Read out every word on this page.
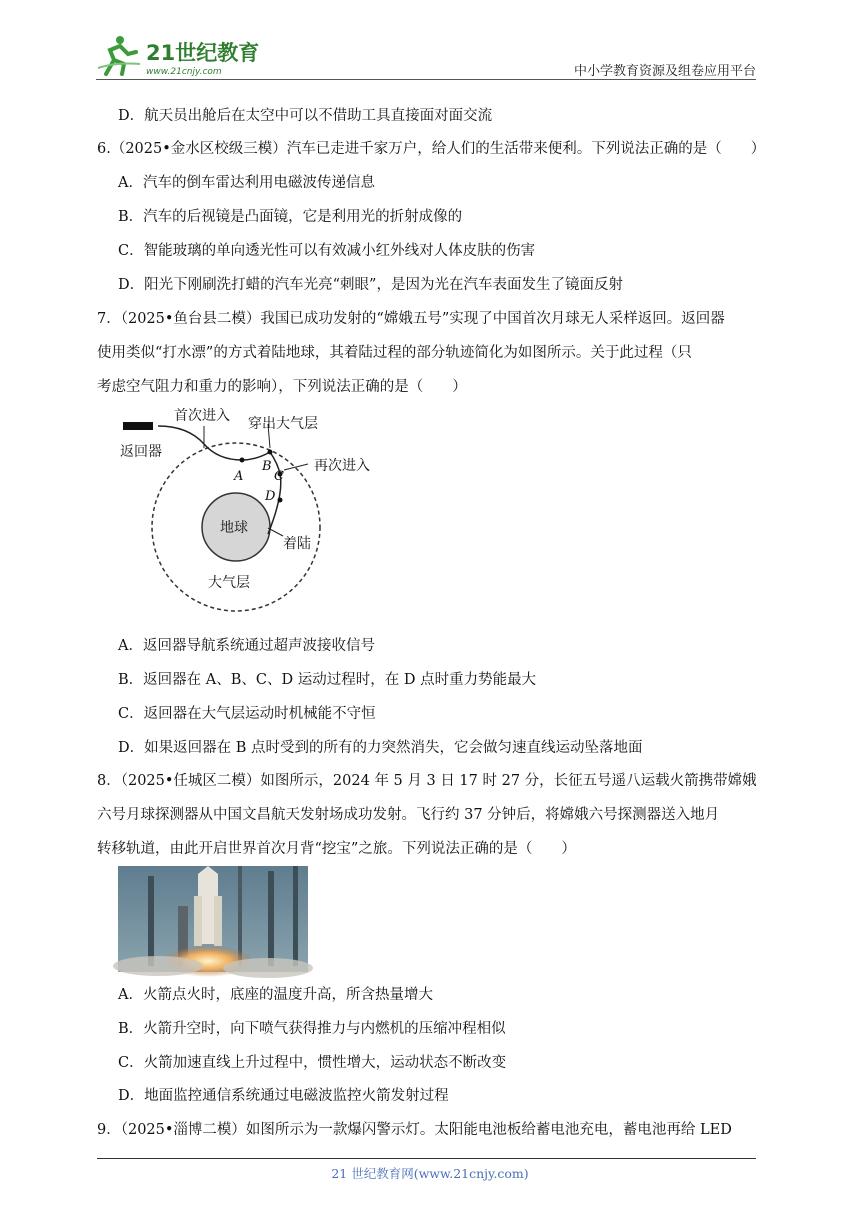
21世纪教育
www.21cnjy.com	中小学教育资源及组卷应用平台
D．航天员出舱后在太空中可以不借助工具直接面对面交流
6.（2025•金水区校级三模）汽车已走进千家万户，给人们的生活带来便利。下列说法正确的是（　　）
A．汽车的倒车雷达利用电磁波传递信息
B．汽车的后视镜是凸面镜，它是利用光的折射成像的
C．智能玻璃的单向透光性可以有效减小红外线对人体皮肤的伤害
D．阳光下刚刷洗打蜡的汽车光亮“刺眼”，是因为光在汽车表面发生了镜面反射
7．（2025•鱼台县二模）我国已成功发射的“嫦娥五号”实现了中国首次月球无人采样返回。返回器
使用类似“打水漂”的方式着陆地球，其着陆过程的部分轨迹简化为如图所示。关于此过程（只
考虑空气阻力和重力的影响），下列说法正确的是（　　）
首次进入 穿出大气层
再次进入
返回器
地球
着陆
大气层
A
B
C
D
A．返回器导航系统通过超声波接收信号
B．返回器在 A、B、C、D 运动过程时，在 D 点时重力势能最大
C．返回器在大气层运动时机械能不守恒
D．如果返回器在 B 点时受到的所有的力突然消失，它会做匀速直线运动坠落地面
8．（2025•任城区二模）如图所示，2024 年 5 月 3 日 17 时 27 分，长征五号遥八运载火箭携带嫦娥
六号月球探测器从中国文昌航天发射场成功发射。飞行约 37 分钟后，将嫦娥六号探测器送入地月
转移轨道，由此开启世界首次月背“挖宝”之旅。下列说法正确的是（　　）
A．火箭点火时，底座的温度升高，所含热量增大
B．火箭升空时，向下喷气获得推力与内燃机的压缩冲程相似
C．火箭加速直线上升过程中，惯性增大，运动状态不断改变
D．地面监控通信系统通过电磁波监控火箭发射过程
9．（2025•淄博二模）如图所示为一款爆闪警示灯。太阳能电池板给蓄电池充电，蓄电池再给 LED
21 世纪教育网(www.21cnjy.com)
